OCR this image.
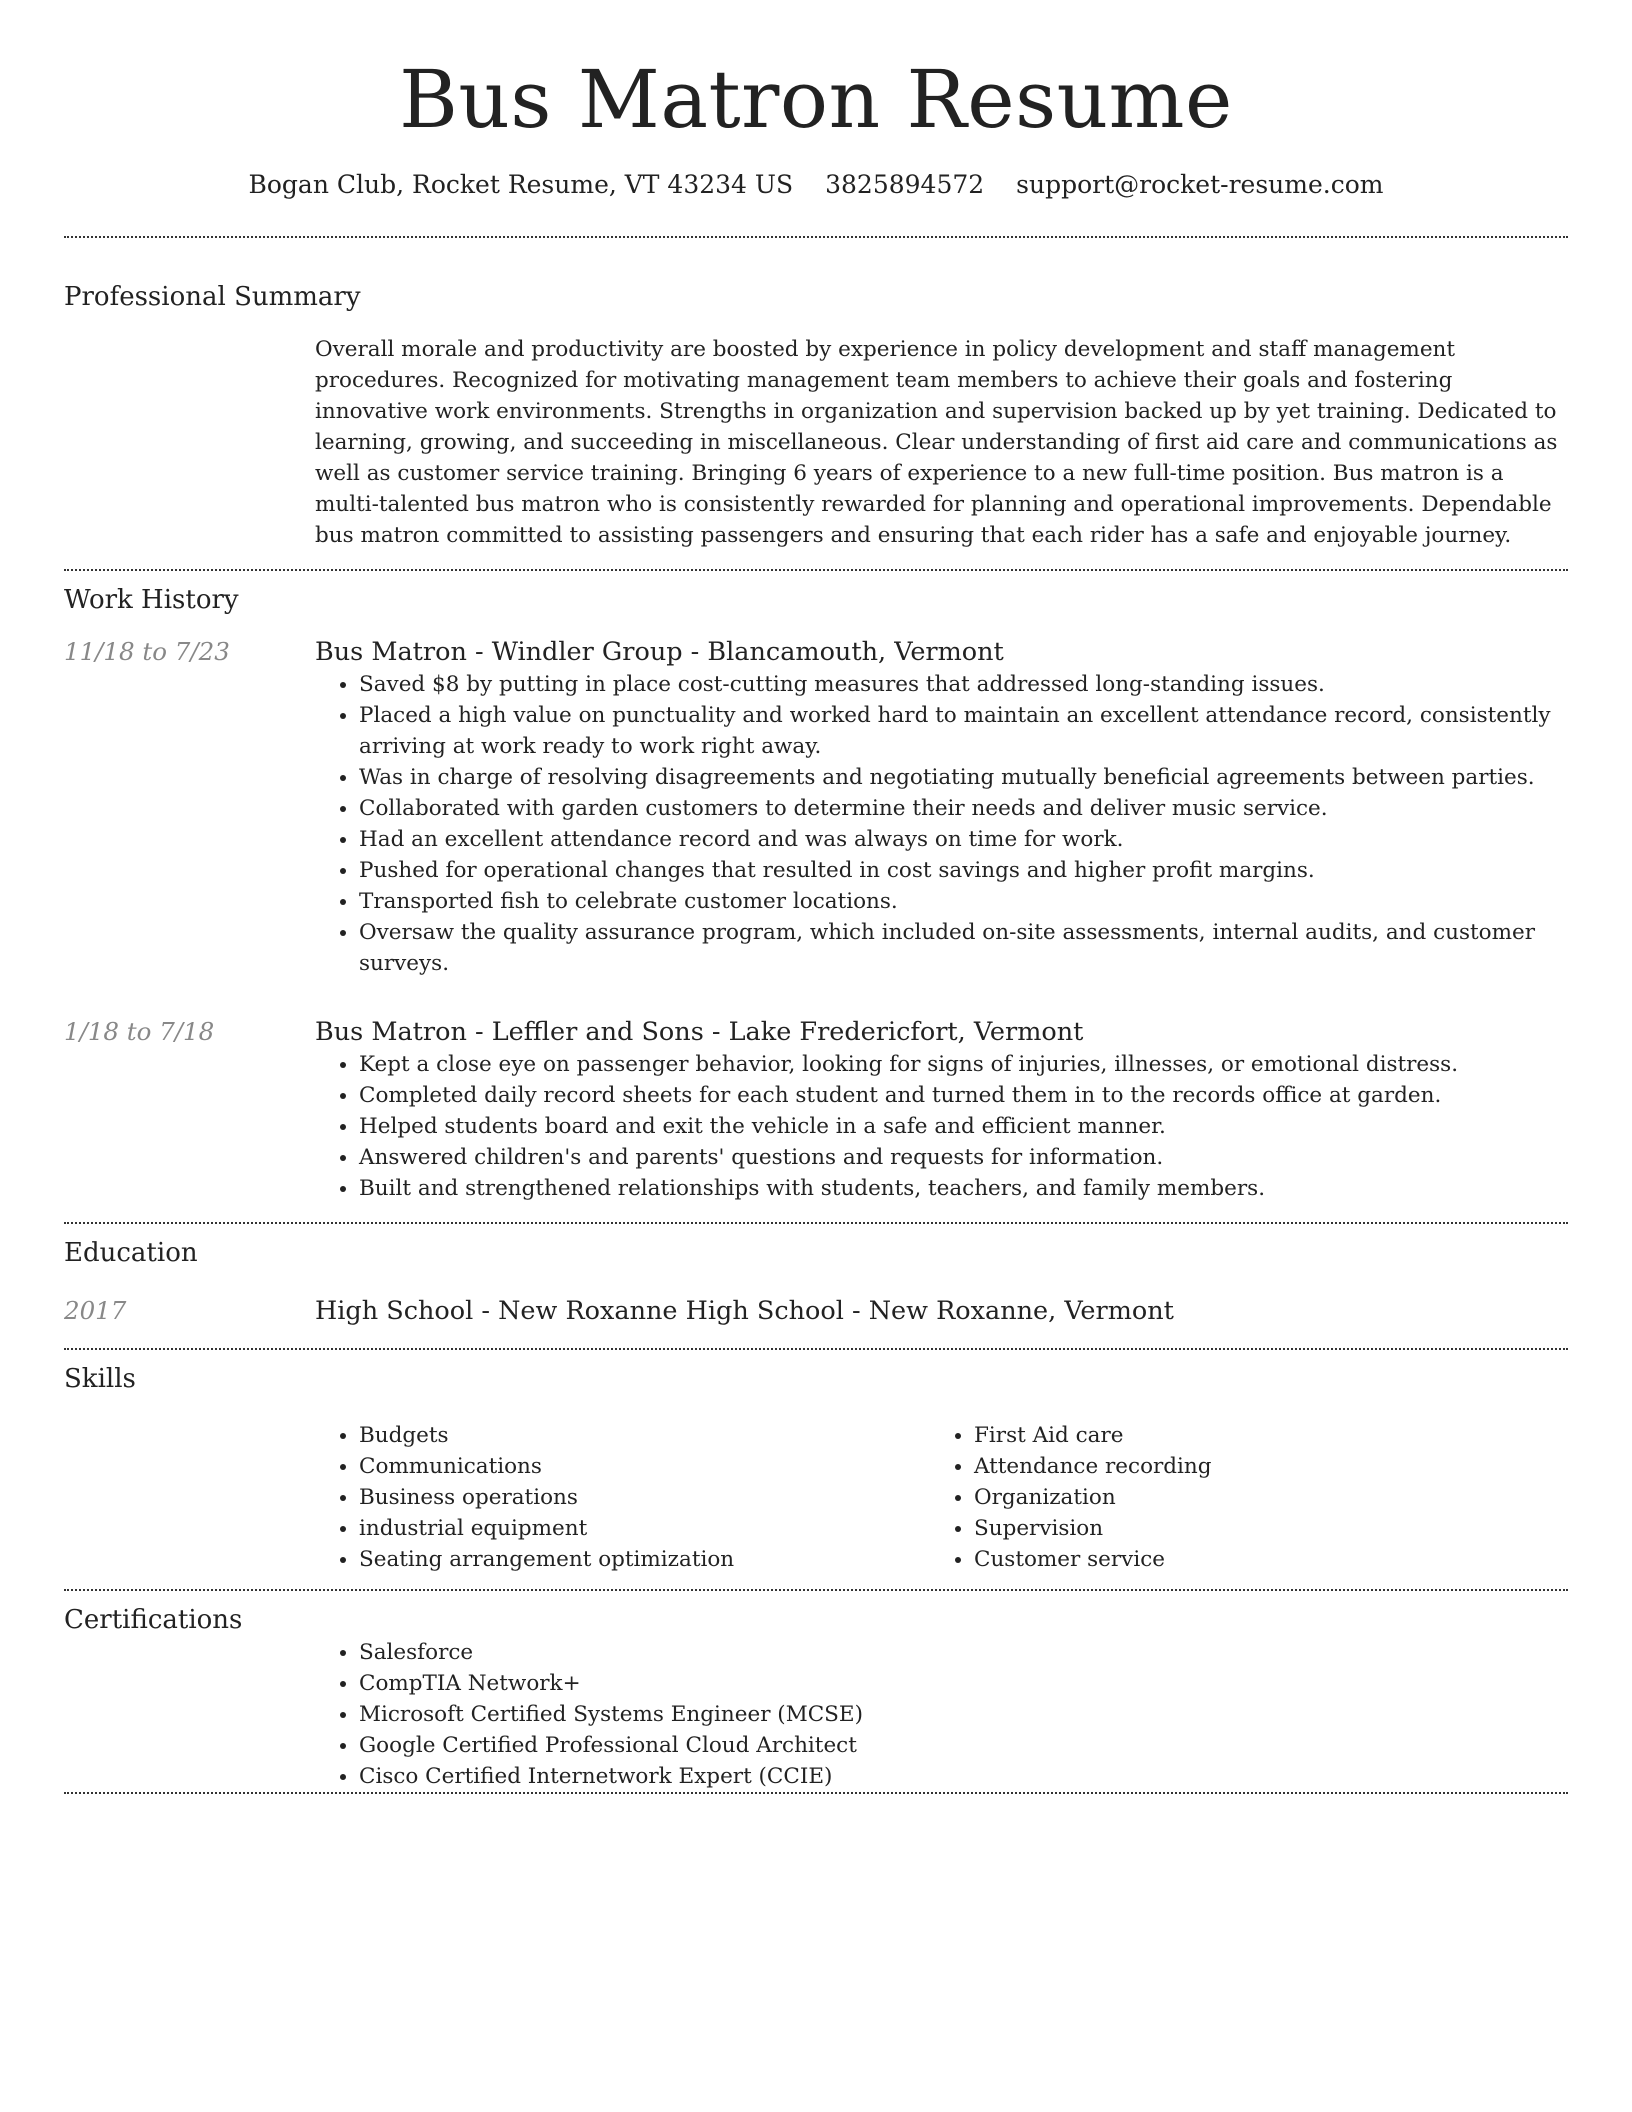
Bus Matron Resume
Bogan Club, Rocket Resume, VT 43234 US 3825894572 support@rocket-resume.com
Professional Summary

Overall morale and productivity are boosted by experience in policy development and staff management procedures. Recognized for motivating management team members to achieve their goals and fostering innovative work environments. Strengths in organization and supervision backed up by yet training. Dedicated to learning, growing, and succeeding in miscellaneous. Clear understanding of first aid care and communications as well as customer service training. Bringing 6 years of experience to a new full-time position. Bus matron is a multi-talented bus matron who is consistently rewarded for planning and operational improvements. Dependable bus matron committed to assisting passengers and ensuring that each rider has a safe and enjoyable journey.

Work History
11/18 to 7/23	Bus Matron - Windler Group - Blancamouth, Vermont
• Saved $8 by putting in place cost-cutting measures that addressed long-standing issues.
• Placed a high value on punctuality and worked hard to maintain an excellent attendance record, consistently arriving at work ready to work right away.
• Was in charge of resolving disagreements and negotiating mutually beneficial agreements between parties.
• Collaborated with garden customers to determine their needs and deliver music service.
• Had an excellent attendance record and was always on time for work.
• Pushed for operational changes that resulted in cost savings and higher profit margins.
• Transported fish to celebrate customer locations.
• Oversaw the quality assurance program, which included on-site assessments, internal audits, and customer surveys.
1/18 to 7/18	Bus Matron - Leffler and Sons - Lake Fredericfort, Vermont
• Kept a close eye on passenger behavior, looking for signs of injuries, illnesses, or emotional distress.
• Completed daily record sheets for each student and turned them in to the records office at garden.
• Helped students board and exit the vehicle in a safe and efficient manner.
• Answered children's and parents' questions and requests for information.
• Built and strengthened relationships with students, teachers, and family members.
Education
2017	High School - New Roxanne High School - New Roxanne, Vermont
Skills
• Budgets
• Communications
• Business operations
• industrial equipment
• Seating arrangement optimization
• First Aid care
• Attendance recording
• Organization
• Supervision
• Customer service
Certifications
• Salesforce
• CompTIA Network+
• Microsoft Certified Systems Engineer (MCSE)
• Google Certified Professional Cloud Architect
• Cisco Certified Internetwork Expert (CCIE)
